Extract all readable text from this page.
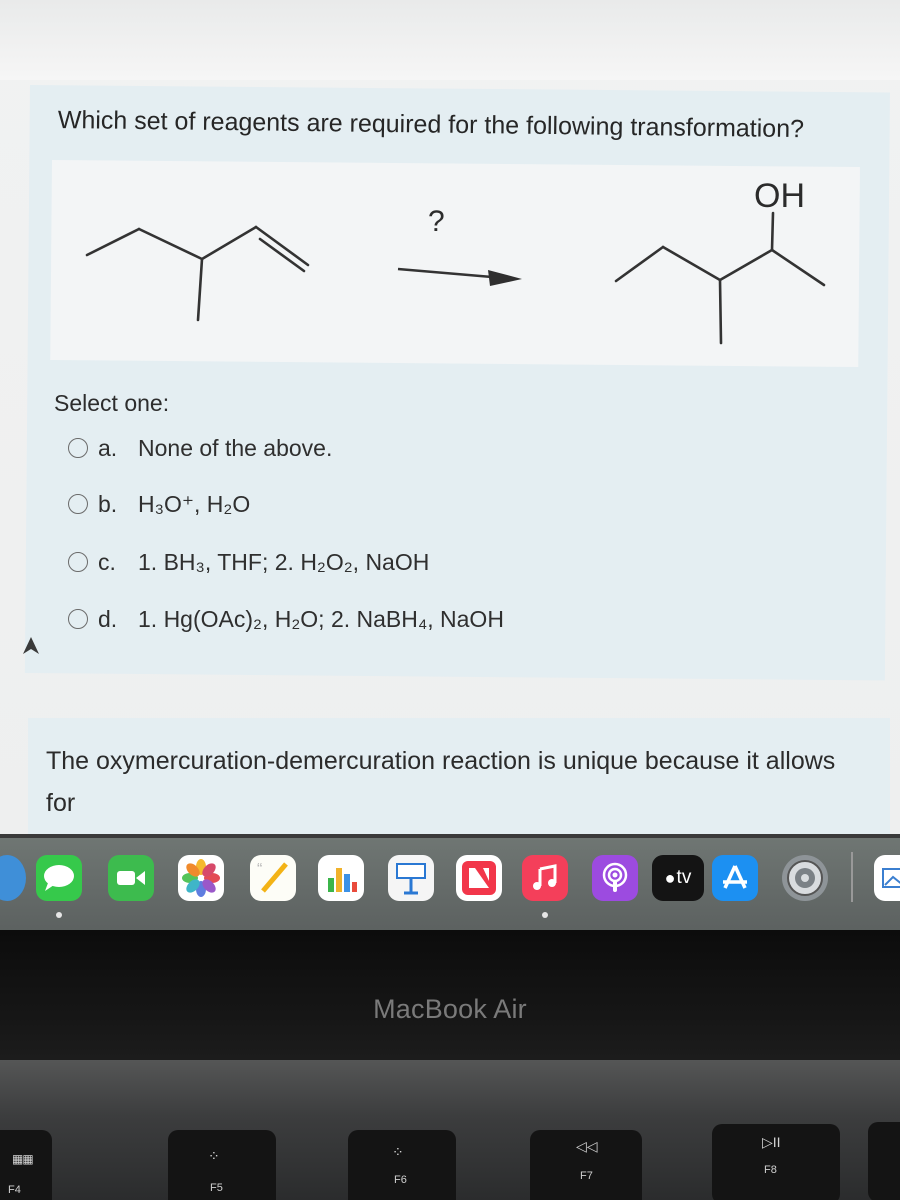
Which set of reagents are required for the following transformation?
?
OH
Select one:
a. None of the above.
b. H₃O⁺, H₂O
c. 1. BH₃, THF; 2. H₂O₂, NaOH
d. 1. Hg(OAc)₂, H₂O; 2. NaBH₄, NaOH
The oxymercuration-demercuration reaction is unique because it allows for
“	● tv
MacBook Air
▦▦
F4
⁘
F5
⁘
F6
◁◁
F7
▷II
F8
